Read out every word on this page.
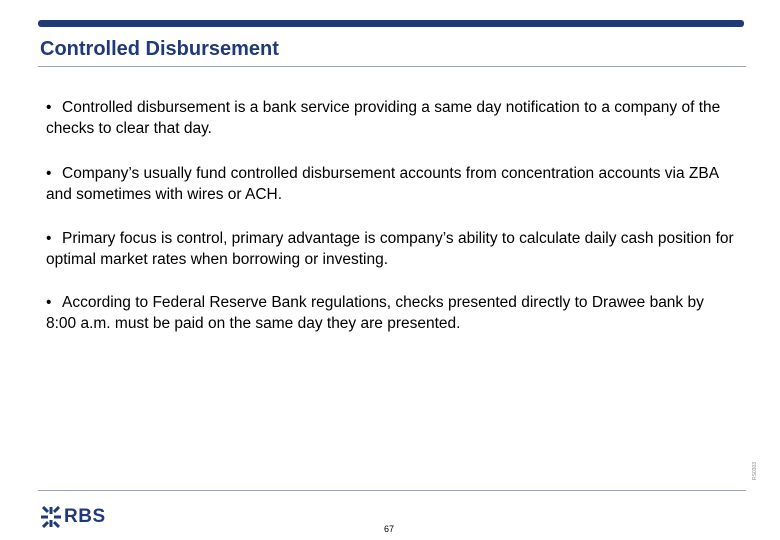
Controlled Disbursement
• Controlled disbursement is a bank service providing a same day notification to a company of the checks to clear that day.
• Company’s usually fund controlled disbursement accounts from concentration accounts via ZBA and sometimes with wires or ACH.
• Primary focus is control, primary advantage is company’s ability to calculate daily cash position for optimal market rates when borrowing or investing.
• According to Federal Reserve Bank regulations, checks presented directly to Drawee bank by 8:00 a.m. must be paid on the same day they are presented.
RS0303
RBS
67
